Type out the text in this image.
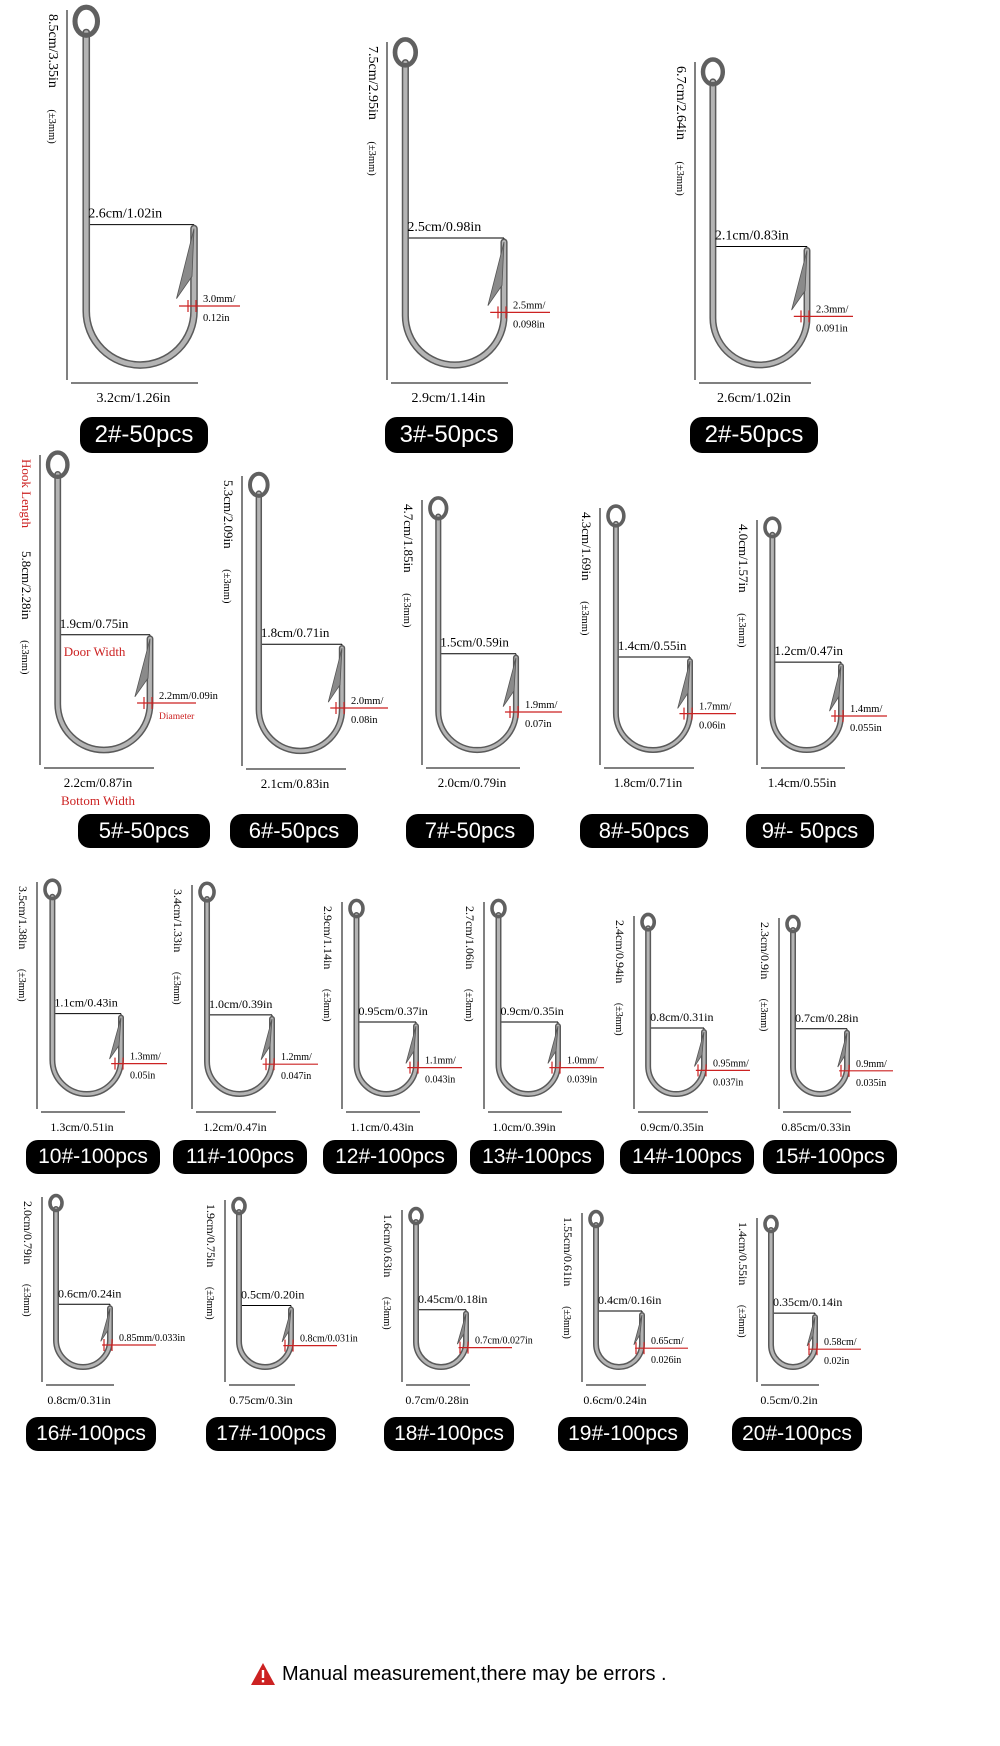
8.5cm/3.35in
(±3mm)
2.6cm/1.02in
3.0mm/
0.12in
3.2cm/1.26in
7.5cm/2.95in
(±3mm)
2.5cm/0.98in
2.5mm/
0.098in
2.9cm/1.14in
6.7cm/2.64in
(±3mm)
2.1cm/0.83in
2.3mm/
0.091in
2.6cm/1.02in
Hook Length
5.8cm/2.28in
(±3mm)
1.9cm/0.75in
Door Width
2.2mm/0.09in
Diameter
2.2cm/0.87in
Bottom Width
5.3cm/2.09in
(±3mm)
1.8cm/0.71in
2.0mm/
0.08in
2.1cm/0.83in
4.7cm/1.85in
(±3mm)
1.5cm/0.59in
1.9mm/
0.07in
2.0cm/0.79in
4.3cm/1.69in
(±3mm)
1.4cm/0.55in
1.7mm/
0.06in
1.8cm/0.71in
4.0cm/1.57in
(±3mm)
1.2cm/0.47in
1.4mm/
0.055in
1.4cm/0.55in
3.5cm/1.38in
(±3mm)
1.1cm/0.43in
1.3mm/
0.05in
1.3cm/0.51in
3.4cm/1.33in
(±3mm) 1.0cm/0.39in
1.2mm/
0.047in
1.2cm/0.47in
2.9cm/1.14in
(±3mm) 0.95cm/0.37in
1.1mm/
0.043in
1.1cm/0.43in
2.7cm/1.06in
(±3mm) 0.9cm/0.35in
1.0mm/
0.039in
1.0cm/0.39in
2.4cm/0.94in
(±3mm) 0.8cm/0.31in
0.95mm/
0.037in
0.9cm/0.35in
2.3cm/0.9in
(±3mm) 0.7cm/0.28in
0.9mm/
0.035in
0.85cm/0.33in
2.0cm/0.79in
(±3mm) 0.6cm/0.24in
0.85mm/0.033in
0.8cm/0.31in
1.9cm/0.75in
(±3mm) 0.5cm/0.20in
0.8cm/0.031in
0.75cm/0.3in
1.6cm/0.63in
(±3mm) 0.45cm/0.18in
0.7cm/0.027in
0.7cm/0.28in
1.55cm/0.61in
(±3mm)
0.4cm/0.16in
0.65cm/
0.026in
0.6cm/0.24in
1.4cm/0.55in
(±3mm)
0.35cm/0.14in
0.58cm/
0.02in
0.5cm/0.2in
2#-50pcs	3#-50pcs	2#-50pcs
5#-50pcs	6#-50pcs	7#-50pcs	8#-50pcs	9#- 50pcs
10#-100pcs	11#-100pcs	12#-100pcs	13#-100pcs	14#-100pcs	15#-100pcs
16#-100pcs	17#-100pcs	18#-100pcs	19#-100pcs	20#-100pcs
Manual measurement,there may be errors .
